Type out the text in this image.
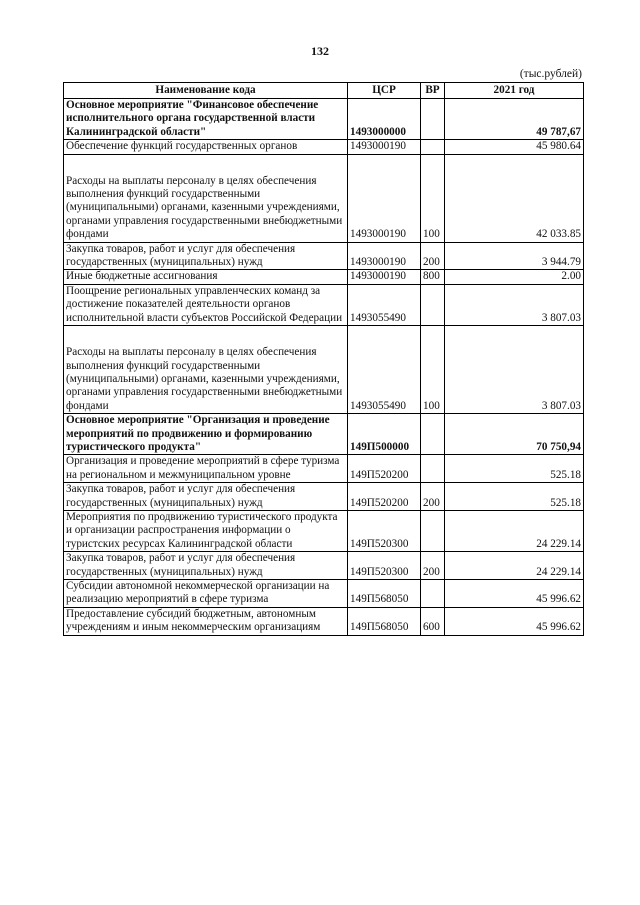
132
(тыс.рублей)
Наименование кода	ЦСР	ВР	2021 год
Основное мероприятие "Финансовое обеспечение исполнительного органа государственной власти Калининградской области"	1493000000		49 787,67
Обеспечение функций государственных органов	1493000190		45 980.64
Расходы на выплаты персоналу в целях обеспечения выполнения функций государственными (муниципальными) органами, казенными учреждениями, органами управления государственными внебюджетными фондами	1493000190	100	42 033.85
Закупка товаров, работ и услуг для обеспечения государственных (муниципальных) нужд	1493000190	200	3 944.79
Иные бюджетные ассигнования	1493000190	800	2.00
Поощрение региональных управленческих команд за достижение показателей деятельности органов исполнительной власти субъектов Российской Федерации	1493055490		3 807.03
Расходы на выплаты персоналу в целях обеспечения выполнения функций государственными (муниципальными) органами, казенными учреждениями, органами управления государственными внебюджетными фондами	1493055490	100	3 807.03
Основное мероприятие "Организация и проведение мероприятий по продвижению и формированию туристического продукта"	149П500000		70 750,94
Организация и проведение мероприятий в сфере туризма на региональном и межмуниципальном уровне	149П520200		525.18
Закупка товаров, работ и услуг для обеспечения государственных (муниципальных) нужд	149П520200	200	525.18
Мероприятия по продвижению туристического продукта и организации распространения информации о туристских ресурсах Калининградской области	149П520300		24 229.14
Закупка товаров, работ и услуг для обеспечения государственных (муниципальных) нужд	149П520300	200	24 229.14
Субсидии автономной некоммерческой организации на реализацию мероприятий в сфере туризма	149П568050		45 996.62
Предоставление субсидий бюджетным, автономным учреждениям и иным некоммерческим организациям	149П568050	600	45 996.62
